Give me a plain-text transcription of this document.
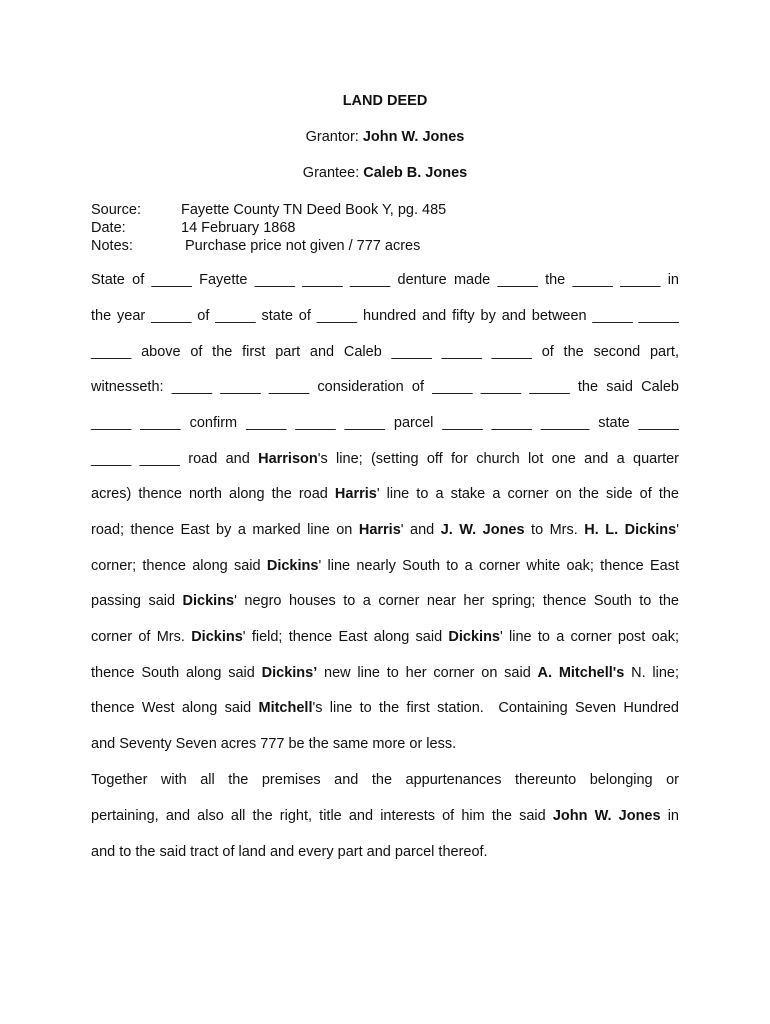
LAND DEED
Grantor: John W. Jones
Grantee: Caleb B. Jones
Source:	Fayette County TN Deed Book Y, pg. 485
Date:	14 February 1868
Notes:	Purchase price not given / 777 acres
State of _____ Fayette _____ _____ _____ denture made _____ the _____ _____ in
the year _____ of _____ state of _____ hundred and fifty by and between _____ _____
_____ above of the first part and Caleb _____ _____ _____ of the second part,
witnesseth: _____ _____ _____ consideration of _____ _____ _____ the said Caleb
_____ _____ confirm _____ _____ _____ parcel _____ _____ ______ state _____
_____ _____ road and Harrison's line; (setting off for church lot one and a quarter
acres) thence north along the road Harris' line to a stake a corner on the side of the
road; thence East by a marked line on Harris' and J. W. Jones to Mrs. H. L. Dickins'
corner; thence along said Dickins' line nearly South to a corner white oak; thence East
passing said Dickins' negro houses to a corner near her spring; thence South to the
corner of Mrs. Dickins' field; thence East along said Dickins' line to a corner post oak;
thence South along said Dickins’ new line to her corner on said A. Mitchell's N. line;
thence West along said Mitchell's line to the first station.  Containing Seven Hundred
and Seventy Seven acres 777 be the same more or less.
Together with all the premises and the appurtenances thereunto belonging or
pertaining, and also all the right, title and interests of him the said John W. Jones in
and to the said tract of land and every part and parcel thereof.
